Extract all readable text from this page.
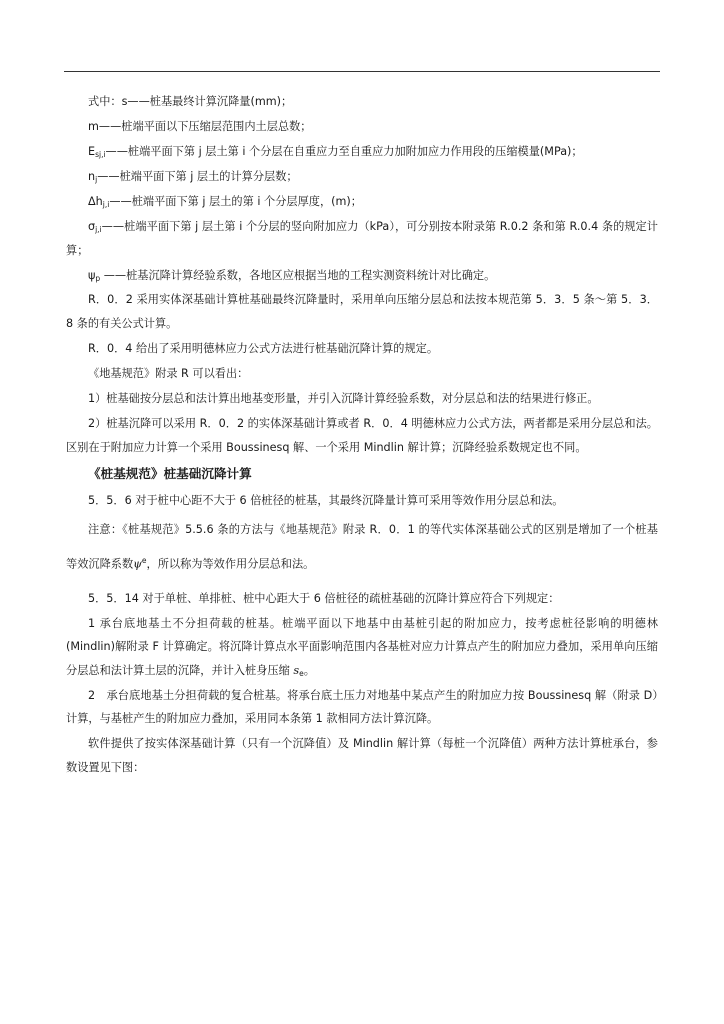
式中：s——桩基最终计算沉降量(mm)；

m——桩端平面以下压缩层范围内土层总数；

$E_{sj,i}——$桩端平面下第 j 层土第 i 个分层在自重应力至自重应力加附加应力作用段的压缩模量(MPa)；

$n_j——$桩端平面下第 j 层土的计算分层数；

$\Delta h_{j,i}——$桩端平面下第 j 层土的第 i 个分层厚度，(m)；

$\sigma_{j,i}——$桩端平面下第 j 层土第 i 个分层的竖向附加应力（kPa），可分别按本附录第 R.0.2 条和第 R.0.4 条的规定计算；

$\psi_p$ ——桩基沉降计算经验系数，各地区应根据当地的工程实测资料统计对比确定。

R．0．2 采用实体深基础计算桩基础最终沉降量时，采用单向压缩分层总和法按本规范第 5．3．5 条～第 5．3．8 条的有关公式计算。

R．0．4 给出了采用明德林应力公式方法进行桩基础沉降计算的规定。

《地基规范》附录 R 可以看出：

1）桩基础按分层总和法计算出地基变形量，并引入沉降计算经验系数，对分层总和法的结果进行修正。

2）桩基沉降可以采用 R．0．2 的实体深基础计算或者 R．0．4 明德林应力公式方法，两者都是采用分层总和法。区别在于附加应力计算一个采用 Boussinesq 解、一个采用 Mindlin 解计算；沉降经验系数规定也不同。

《桩基规范》桩基础沉降计算

5．5．6 对于桩中心距不大于 6 倍桩径的桩基，其最终沉降量计算可采用等效作用分层总和法。

注意：《桩基规范》5.5.6 条的方法与《地基规范》附录 R．0．1 的等代实体深基础公式的区别是增加了一个桩基等效沉降系数$\psi^e$，所以称为等效作用分层总和法。

5．5．14 对于单桩、单排桩、桩中心距大于 6 倍桩径的疏桩基础的沉降计算应符合下列规定：

1 承台底地基土不分担荷载的桩基。桩端平面以下地基中由基桩引起的附加应力，按考虑桩径影响的明德林(Mindlin)解附录 F 计算确定。将沉降计算点水平面影响范围内各基桩对应力计算点产生的附加应力叠加，采用单向压缩分层总和法计算土层的沉降，并计入桩身压缩 $s_e$。

2　承台底地基土分担荷载的复合桩基。将承台底土压力对地基中某点产生的附加应力按 Boussinesq 解（附录 D）计算，与基桩产生的附加应力叠加，采用同本条第 1 款相同方法计算沉降。

软件提供了按实体深基础计算（只有一个沉降值）及 Mindlin 解计算（每桩一个沉降值）两种方法计算桩承台，参数设置见下图：
